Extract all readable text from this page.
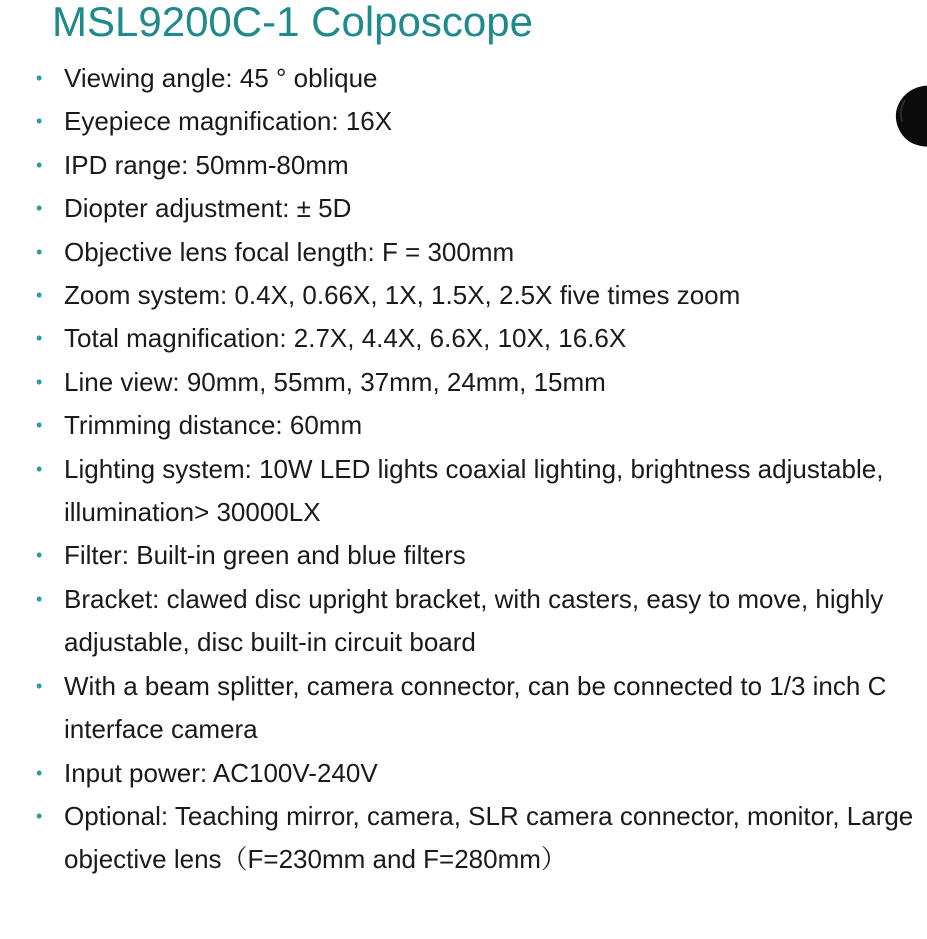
MSL9200C-1 Colposcope
• Viewing angle: 45 ° oblique
• Eyepiece magnification: 16X
• IPD range: 50mm-80mm
• Diopter adjustment: ± 5D
• Objective lens focal length: F = 300mm
• Zoom system: 0.4X, 0.66X, 1X, 1.5X, 2.5X five times zoom
• Total magnification: 2.7X, 4.4X, 6.6X, 10X, 16.6X
• Line view: 90mm, 55mm, 37mm, 24mm, 15mm
• Trimming distance: 60mm
• Lighting system: 10W LED lights coaxial lighting, brightness adjustable, illumination> 30000LX
• Filter: Built-in green and blue filters
• Bracket: clawed disc upright bracket, with casters, easy to move, highly adjustable, disc built-in circuit board
• With a beam splitter, camera connector, can be connected to 1/3 inch C interface camera
• Input power: AC100V-240V
• Optional: Teaching mirror, camera, SLR camera connector, monitor, Large objective lens（F=230mm and F=280mm）
